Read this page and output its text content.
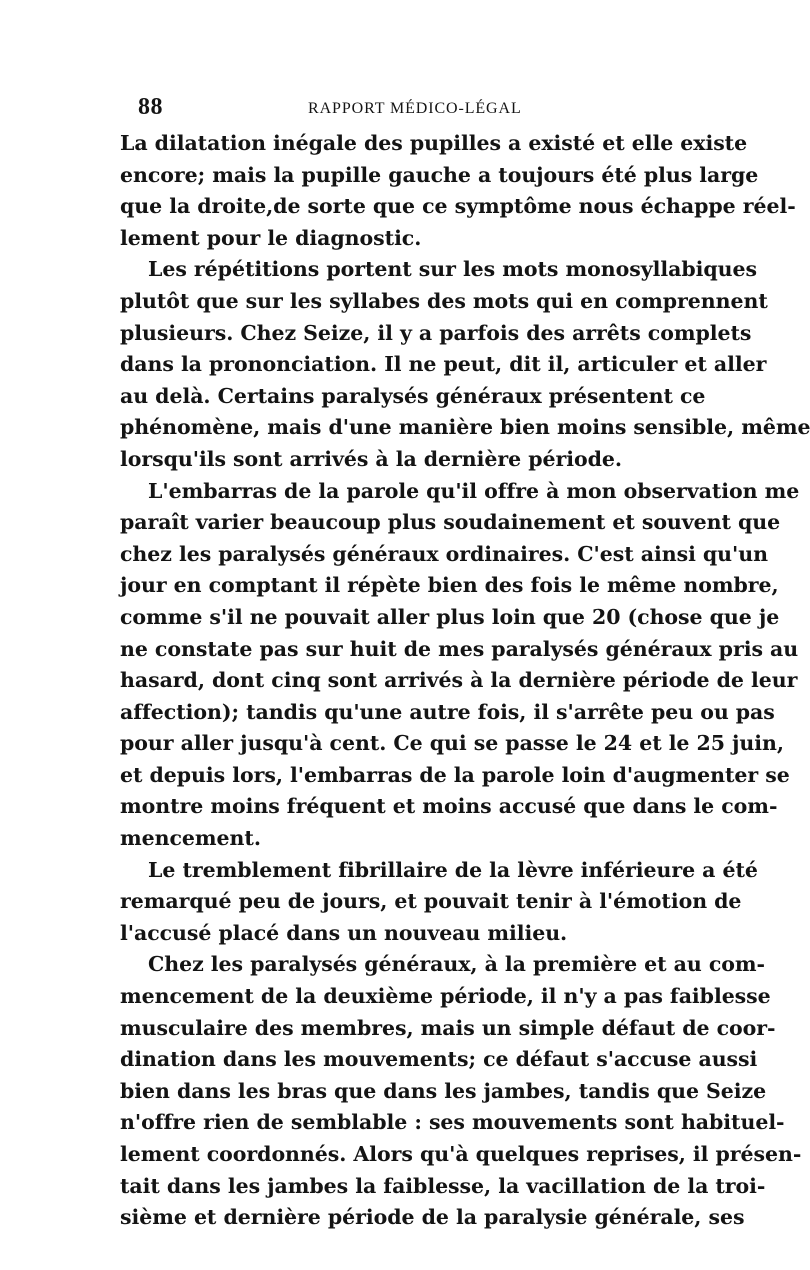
88	RAPPORT MÉDICO-LÉGAL
La dilatation inégale des pupilles a existé et elle existe
encore; mais la pupille gauche a toujours été plus large
que la droite,de sorte que ce symptôme nous échappe réel-
lement pour le diagnostic.
Les répétitions portent sur les mots monosyllabiques
plutôt que sur les syllabes des mots qui en comprennent
plusieurs. Chez Seize, il y a parfois des arrêts complets
dans la prononciation. Il ne peut, dit il, articuler et aller
au delà. Certains paralysés généraux présentent ce
phénomène, mais d'une manière bien moins sensible, même
lorsqu'ils sont arrivés à la dernière période.
L'embarras de la parole qu'il offre à mon observation me
paraît varier beaucoup plus soudainement et souvent que
chez les paralysés généraux ordinaires. C'est ainsi qu'un
jour en comptant il répète bien des fois le même nombre,
comme s'il ne pouvait aller plus loin que 20 (chose que je
ne constate pas sur huit de mes paralysés généraux pris au
hasard, dont cinq sont arrivés à la dernière période de leur
affection); tandis qu'une autre fois, il s'arrête peu ou pas
pour aller jusqu'à cent. Ce qui se passe le 24 et le 25 juin,
et depuis lors, l'embarras de la parole loin d'augmenter se
montre moins fréquent et moins accusé que dans le com-
mencement.
Le tremblement fibrillaire de la lèvre inférieure a été
remarqué peu de jours, et pouvait tenir à l'émotion de
l'accusé placé dans un nouveau milieu.
Chez les paralysés généraux, à la première et au com-
mencement de la deuxième période, il n'y a pas faiblesse
musculaire des membres, mais un simple défaut de coor-
dination dans les mouvements; ce défaut s'accuse aussi
bien dans les bras que dans les jambes, tandis que Seize
n'offre rien de semblable : ses mouvements sont habituel-
lement coordonnés. Alors qu'à quelques reprises, il présen-
tait dans les jambes la faiblesse, la vacillation de la troi-
sième et dernière période de la paralysie générale, ses
